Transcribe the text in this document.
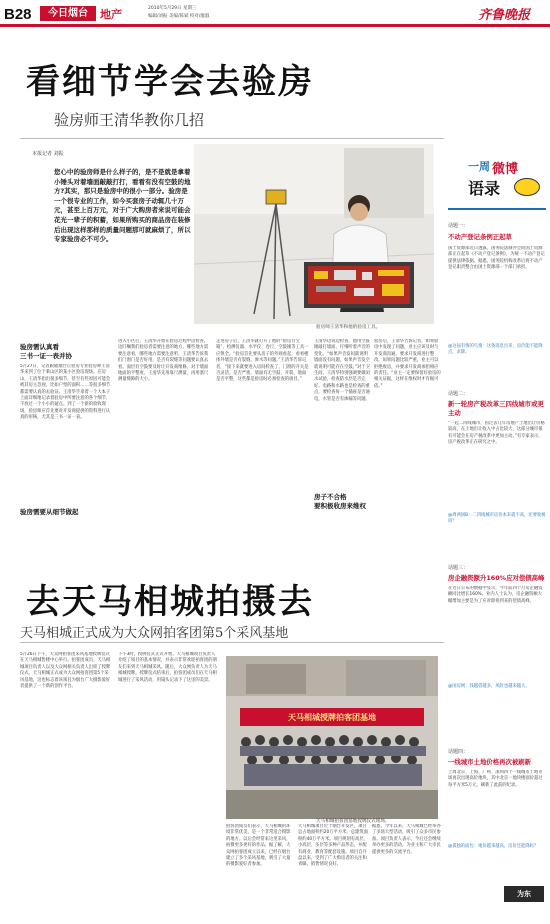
B28	今日烟台	地产	2010年5月29日 星期三
编辑/刘振 美编/陈斌 校对/廖淑	齐鲁晚报
看细节学会去验房
验房师王清华教你几招
本报记者 刘振
您心中的验房师是什么样子的，是不是就是拿着小锤头对着墙面敲敲打打，看看有没有空鼓的地方?其实，那只是验房中的很小一部分。验房是一个很专业的工作，如今买套房子动辄几十万元，甚至上百万元，对于广大购房者来说可能会花光一辈子的积蓄，如果所购买的商品房在装修后出现这样那样的质量问题那可就麻烦了，所以专家验房必不可少。
验房师王清华和他的验房工具。
验房需认真看
三书一证一表并协
5月27日，记者跟随烟台正验房专业验房师王清华来到了位于莱山区的某小区验房现场。在房山，王清华指出很多细节，甚至有些原因可能会被其房主忽视，比如户型的面积……等很多细节都需要认真的去验证。王清华手拿着一个大本子上面详细地记录着验房中所要注意的各个细节，不放过一个小小的疑点。到了一个新的验收现场，验房师应首先要对开发商提供的资料进行认真的审核，尤其是三书一证一表。
验房需要从细节做起
进入小区后，王清华开始在验房过程中边检查，边叮嘱我们验房者需要注意的地方，哪些地方需要注意看，哪些地方需要注意听，王清华告诉我们门窗门是否好用，是否有裂缝等问题要认真去看。面层有空鼓要及时让开发商维修，对于墙面地面的平整度，王清华先用靠尺测量，再用塞尺测量缝隙的大小。
走进房子后，王清华就打开了他的“验房百宝箱”，检测仪器、水平仪、卷尺、空鼓锤等工具一应俱全。“验房首先要从房子的外观看起，看看楼体外墙是否有裂缝、渗水等问题。”王清华告诉记者，“接下来就要进入房间检查了，门窗的开关是否灵活、是否严密，墙面有无空鼓、开裂，地面是否平整，这些都是验房时必须检查的项目。”
王清华边说边检查，他用空鼓锤敲打墙面，仔细听着声音的变化。“如果声音发闷就说明墙面没有问题，如果声音发空就说明可能存在空鼓。”对于卫生间，王清华特别强调要做闭水试验，检查防水层是否完好。电路和水路也是检查的重点，要检查每一个插座是否通电，水管是否有渗漏等问题。
房子不合格
要积极收房来维权
验房后，王清华告诉记者，如果验房中发现了问题，业主应该及时与开发商沟通，要求开发商进行整改。如果问题比较严重，业主可以拒绝收房，并要求开发商承担相应的责任。“业主一定要保留好验房的相关证据，这样在维权时才有据可依。”
一周 微博
语录
话题一：
不动产登记条例正起草
国土资源部近日透露，国务院法制办会同国土资源部正在起草《不动产登记条例》，为统一不动产登记提供法律依据。据悉，国务院机构改革后将不动产登记职责整合由国土资源部一个部门承担。
@这届有情的鸟情：这条消息出来，房价能不能降点，求降。
话题二：
新一轮房产税改革三四线城市或更主动
“一起二四线城市，因过去几年房地产土地出让价格较高，在土地出让收入中占比较大，这部分城市很有可能会在房产税改革中更加主动。”有专家表示，房产税改革正在研究之中。
@周两国B：二四线城市房价本来就不高，还要收税吗？
话题三：
房企融资额升160%应对偿债高峰
在近日公布的数据中显示，今年前四个月房企融资额同比增长160%。业内人士认为，房企融资额大幅增加主要是为了应对即将到来的偿债高峰。
@国房网：钱越借越多，风险也越来越大。
话题四：
一线城市土地价格再次被刷新
上周北京、上海、广州、深圳四个一线城市土地市场再次出现高价地块，其中北京一地块楼面价超过每平方米5万元，刷新了此前的纪录。
@孤独的面包：地价越来越高，房价还能降吗？
为东
去天马相城拍摄去
天马相城正式成为大众网拍客团第5个采风基地
5月26日下午，大众网拍客团采风基地授牌仪式在天马相城售楼中心举行。拍客团成员、天马相城项目负责人以及大众网相关负责人出席了授牌仪式。天马相城正式成为大众网拍客团第5个采风基地，这也标志着该项目为烟台广大摄影爱好者提供了一个新的创作平台。
下午3时，授牌仪式正式开始。天马相城项目负责人介绍了项目的基本情况，并表示非常欢迎拍客团的朋友们来到天马相城采风。随后，大众网负责人为天马相城授牌。授牌仪式结束后，拍客团成员们在天马相城进行了采风活动，用镜头记录下了这里的美景。
天马相城授牌拍客团基地
天马相城拍客团基地授牌仪式现场。
拍客团成员们表示，天马相城的环境非常优美，是一个非常适合摄影的地方。以后会经常来这里采风，拍摄更多更好的作品。据了解，大众网拍客团成立以来，已经在烟台建立了多个采风基地，吸引了大量的摄影爱好者参加。
天马相城项目位于烟台开发区，项目总占地面积约20万平方米，总建筑面积约40万平方米。项目规划有高层、小高层、多层等多种产品形态，并配有商业、教育等配套设施。项目自开盘以来，受到了广大购房者的关注和青睐，销售情况良好。
据悉，今年以来，天马相城已经举办了多场大型活动，吸引了众多市民参加。项目负责人表示，今后还会继续举办更多的活动，为业主和广大市民提供更多的交流平台。
